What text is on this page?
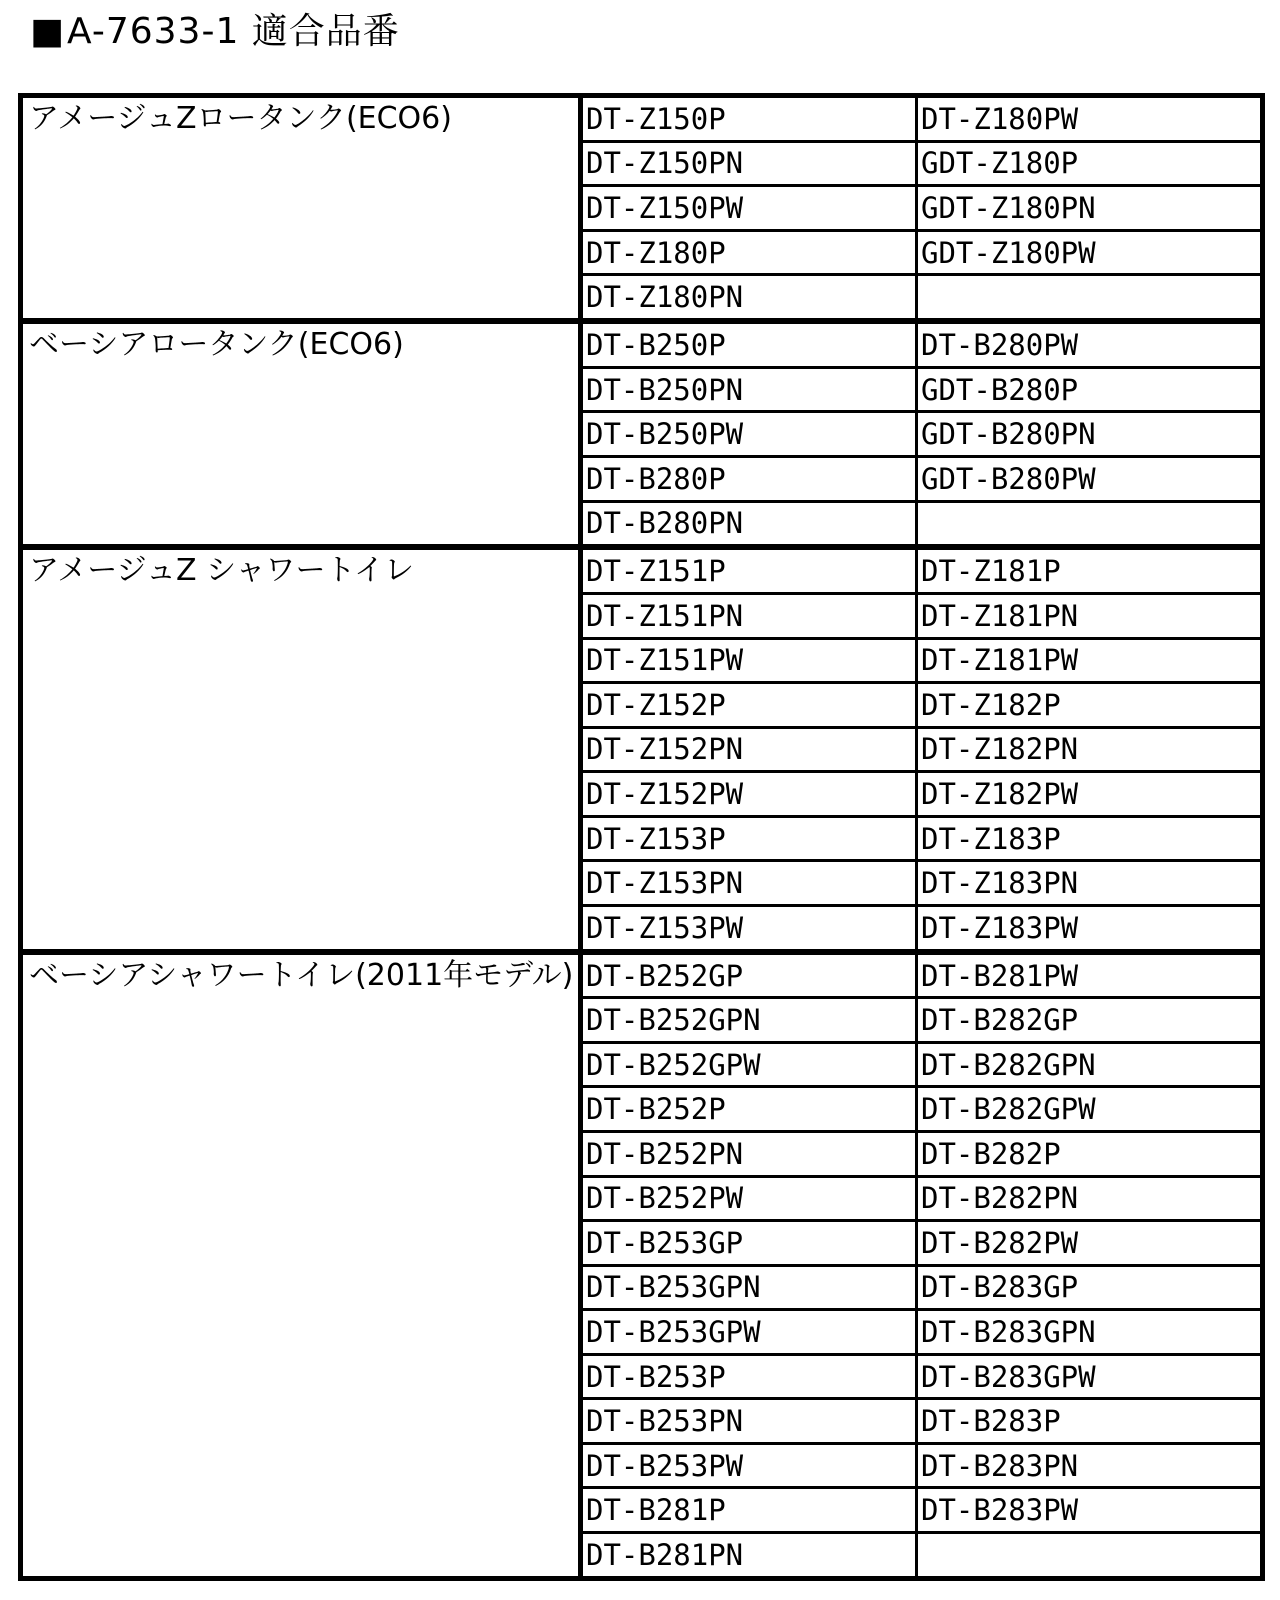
■A-7633-1 適合品番
アメージュZロータンク(ECO6)	DT-Z150P	DT-Z180PW
	DT-Z150PN	GDT-Z180P
	DT-Z150PW	GDT-Z180PN
	DT-Z180P	GDT-Z180PW
	DT-Z180PN	
ベーシアロータンク(ECO6)	DT-B250P	DT-B280PW
	DT-B250PN	GDT-B280P
	DT-B250PW	GDT-B280PN
	DT-B280P	GDT-B280PW
	DT-B280PN	
アメージュZ シャワートイレ	DT-Z151P	DT-Z181P
	DT-Z151PN	DT-Z181PN
	DT-Z151PW	DT-Z181PW
	DT-Z152P	DT-Z182P
	DT-Z152PN	DT-Z182PN
	DT-Z152PW	DT-Z182PW
	DT-Z153P	DT-Z183P
	DT-Z153PN	DT-Z183PN
	DT-Z153PW	DT-Z183PW
ベーシアシャワートイレ(2011年モデル)	DT-B252GP	DT-B281PW
	DT-B252GPN	DT-B282GP
	DT-B252GPW	DT-B282GPN
	DT-B252P	DT-B282GPW
	DT-B252PN	DT-B282P
	DT-B252PW	DT-B282PN
	DT-B253GP	DT-B282PW
	DT-B253GPN	DT-B283GP
	DT-B253GPW	DT-B283GPN
	DT-B253P	DT-B283GPW
	DT-B253PN	DT-B283P
	DT-B253PW	DT-B283PN
	DT-B281P	DT-B283PW
	DT-B281PN	
